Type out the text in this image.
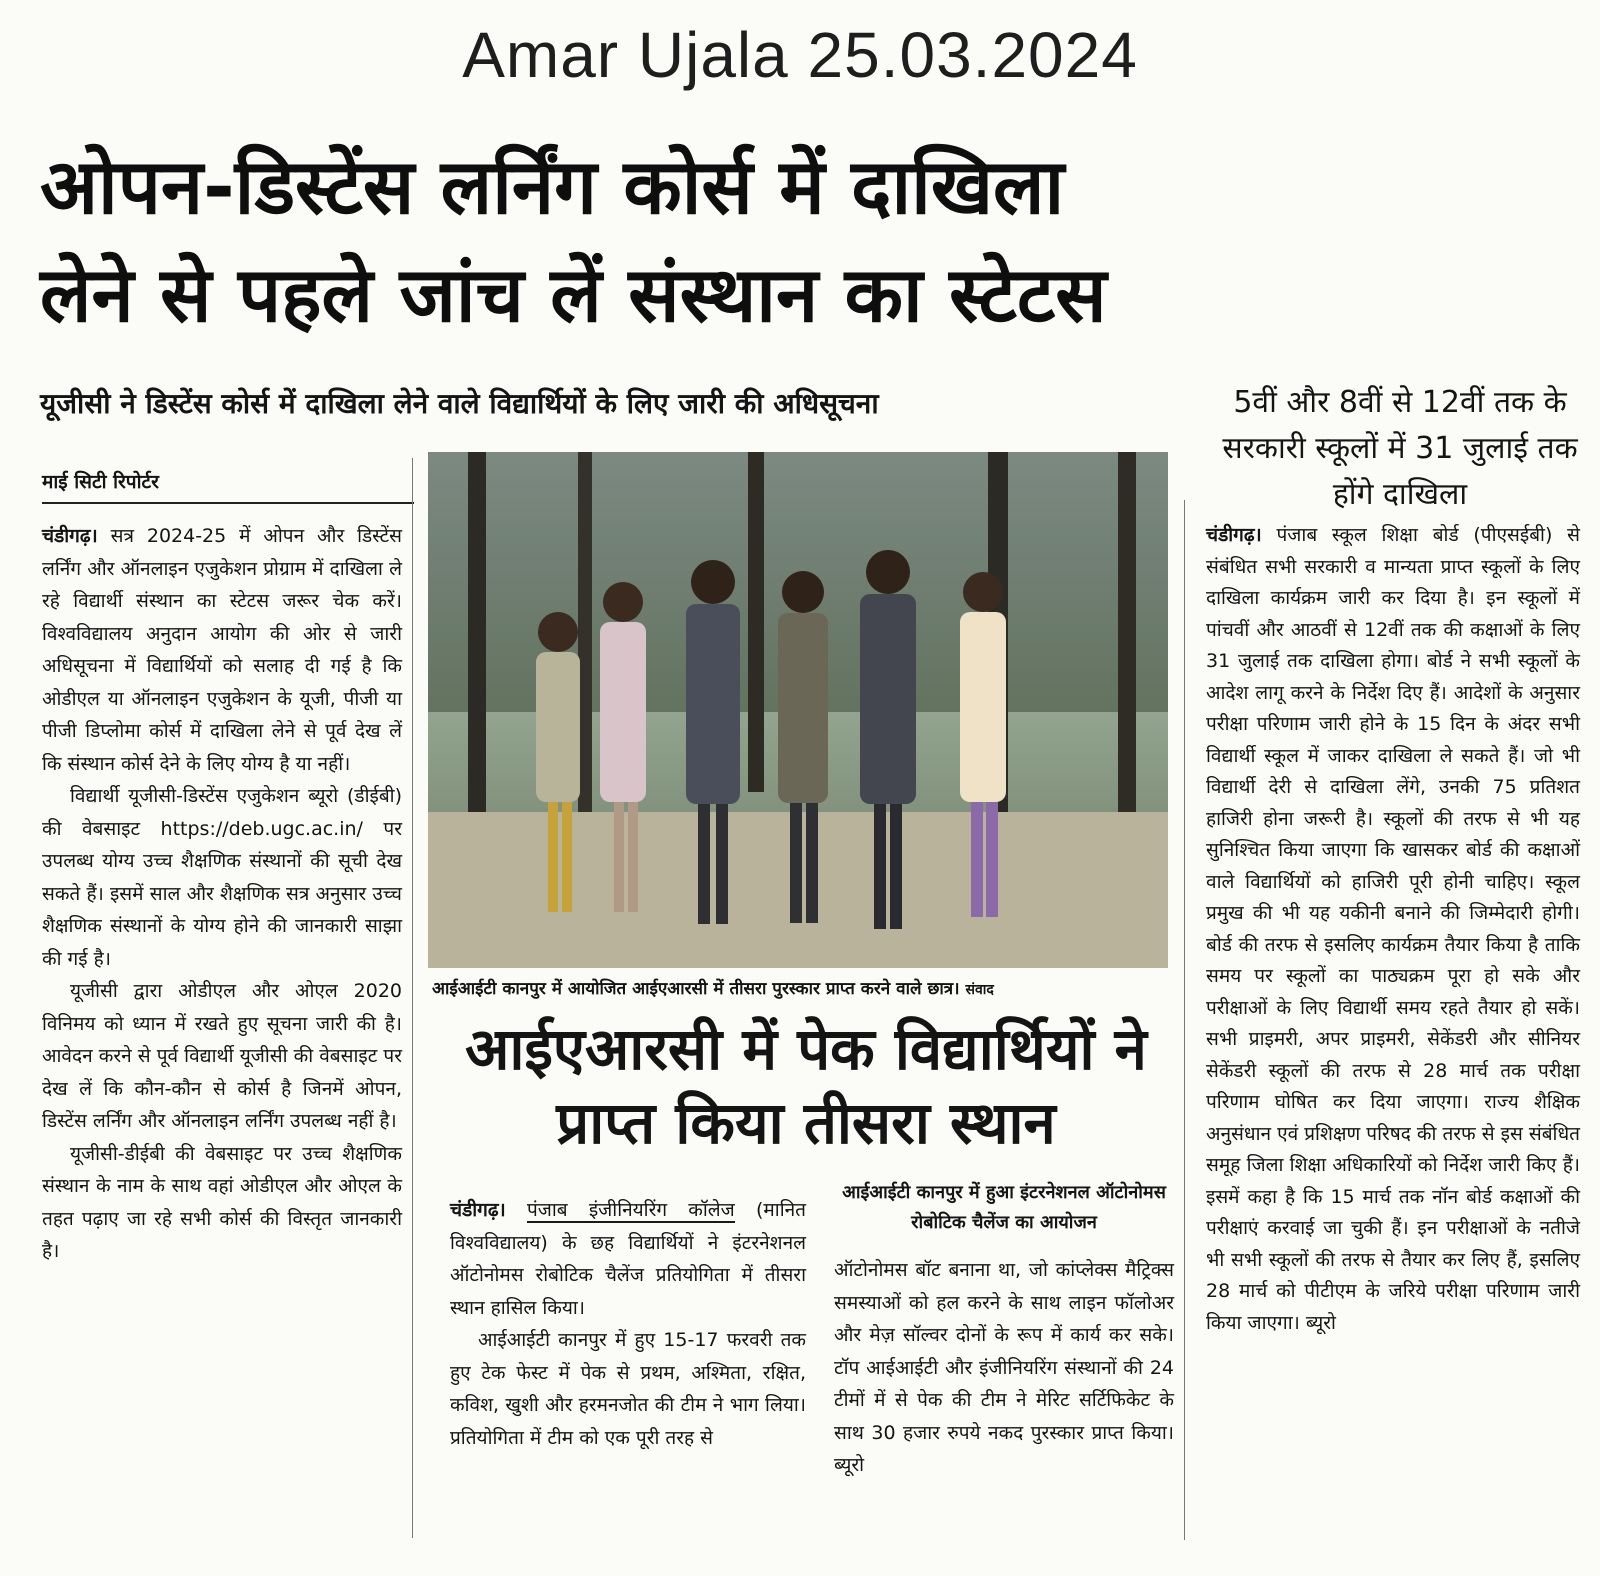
Amar Ujala 25.03.2024
ओपन-डिस्टेंस लर्निंग कोर्स में दाखिला
लेने से पहले जांच लें संस्थान का स्टेटस
यूजीसी ने डिस्टेंस कोर्स में दाखिला लेने वाले विद्यार्थियों के लिए जारी की अधिसूचना	5वीं और 8वीं से 12वीं तक के सरकारी स्कूलों में 31 जुलाई तक होंगे दाखिला
माई सिटी रिपोर्टर

चंडीगढ़। सत्र 2024-25 में ओपन और डिस्टेंस लर्निंग और ऑनलाइन एजुकेशन प्रोग्राम में दाखिला ले रहे विद्यार्थी संस्थान का स्टेटस जरूर चेक करें। विश्वविद्यालय अनुदान आयोग की ओर से जारी अधिसूचना में विद्यार्थियों को सलाह दी गई है कि ओडीएल या ऑनलाइन एजुकेशन के यूजी, पीजी या पीजी डिप्लोमा कोर्स में दाखिला लेने से पूर्व देख लें कि संस्थान कोर्स देने के लिए योग्य है या नहीं।

विद्यार्थी यूजीसी-डिस्टेंस एजुकेशन ब्यूरो (डीईबी) की वेबसाइट https://deb.ugc.ac.in/ पर उपलब्ध योग्य उच्च शैक्षणिक संस्थानों की सूची देख सकते हैं। इसमें साल और शैक्षणिक सत्र अनुसार उच्च शैक्षणिक संस्थानों के योग्य होने की जानकारी साझा की गई है।

यूजीसी द्वारा ओडीएल और ओएल 2020 विनिमय को ध्यान में रखते हुए सूचना जारी की है। आवेदन करने से पूर्व विद्यार्थी यूजीसी की वेबसाइट पर देख लें कि कौन-कौन से कोर्स है जिनमें ओपन, डिस्टेंस लर्निंग और ऑनलाइन लर्निंग उपलब्ध नहीं है।

यूजीसी-डीईबी की वेबसाइट पर उच्च शैक्षणिक संस्थान के नाम के साथ वहां ओडीएल और ओएल के तहत पढ़ाए जा रहे सभी कोर्स की विस्तृत जानकारी है।

आईआईटी कानपुर में आयोजित आईएआरसी में तीसरा पुरस्कार प्राप्त करने वाले छात्र। संवाद
आईएआरसी में पेक विद्यार्थियों ने प्राप्त किया तीसरा स्थान
आईआईटी कानपुर में हुआ इंटरनेशनल ऑटोनोमस रोबोटिक चैलेंज का आयोजन

चंडीगढ़। पंजाब इंजीनियरिंग कॉलेज (मानित विश्वविद्यालय) के छह विद्यार्थियों ने इंटरनेशनल ऑटोनोमस रोबोटिक चैलेंज प्रतियोगिता में तीसरा स्थान हासिल किया।

आईआईटी कानपुर में हुए 15-17 फरवरी तक हुए टेक फेस्ट में पेक से प्रथम, अश्मिता, रक्षित, कविश, खुशी और हरमनजोत की टीम ने भाग लिया। प्रतियोगिता में टीम को एक पूरी तरह से

ऑटोनोमस बॉट बनाना था, जो कांप्लेक्स मैट्रिक्स समस्याओं को हल करने के साथ लाइन फॉलोअर और मेज़ सॉल्वर दोनों के रूप में कार्य कर सके। टॉप आईआईटी और इंजीनियरिंग संस्थानों की 24 टीमों में से पेक की टीम ने मेरिट सर्टिफिकेट के साथ 30 हजार रुपये नकद पुरस्कार प्राप्त किया। ब्यूरो

चंडीगढ़। पंजाब स्कूल शिक्षा बोर्ड (पीएसईबी) से संबंधित सभी सरकारी व मान्यता प्राप्त स्कूलों के लिए दाखिला कार्यक्रम जारी कर दिया है। इन स्कूलों में पांचवीं और आठवीं से 12वीं तक की कक्षाओं के लिए 31 जुलाई तक दाखिला होगा। बोर्ड ने सभी स्कूलों के आदेश लागू करने के निर्देश दिए हैं। आदेशों के अनुसार परीक्षा परिणाम जारी होने के 15 दिन के अंदर सभी विद्यार्थी स्कूल में जाकर दाखिला ले सकते हैं। जो भी विद्यार्थी देरी से दाखिला लेंगे, उनकी 75 प्रतिशत हाजिरी होना जरूरी है। स्कूलों की तरफ से भी यह सुनिश्चित किया जाएगा कि खासकर बोर्ड की कक्षाओं वाले विद्यार्थियों को हाजिरी पूरी होनी चाहिए। स्कूल प्रमुख की भी यह यकीनी बनाने की जिम्मेदारी होगी। बोर्ड की तरफ से इसलिए कार्यक्रम तैयार किया है ताकि समय पर स्कूलों का पाठ्यक्रम पूरा हो सके और परीक्षाओं के लिए विद्यार्थी समय रहते तैयार हो सकें। सभी प्राइमरी, अपर प्राइमरी, सेकेंडरी और सीनियर सेकेंडरी स्कूलों की तरफ से 28 मार्च तक परीक्षा परिणाम घोषित कर दिया जाएगा। राज्य शैक्षिक अनुसंधान एवं प्रशिक्षण परिषद की तरफ से इस संबंधित समूह जिला शिक्षा अधिकारियों को निर्देश जारी किए हैं। इसमें कहा है कि 15 मार्च तक नॉन बोर्ड कक्षाओं की परीक्षाएं करवाई जा चुकी हैं। इन परीक्षाओं के नतीजे भी सभी स्कूलों की तरफ से तैयार कर लिए हैं, इसलिए 28 मार्च को पीटीएम के जरिये परीक्षा परिणाम जारी किया जाएगा। ब्यूरो
